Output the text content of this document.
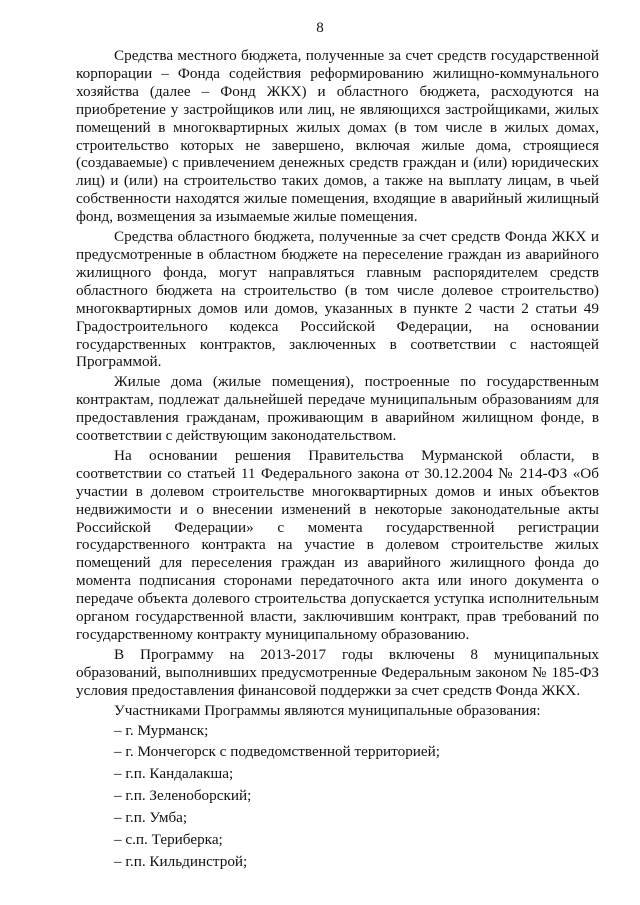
8

Средства местного бюджета, полученные за счет средств государственной корпорации – Фонда содействия реформированию жилищно-коммунального хозяйства (далее – Фонд ЖКХ) и областного бюджета, расходуются на приобретение у застройщиков или лиц, не являющихся застройщиками, жилых помещений в многоквартирных жилых домах (в том числе в жилых домах, строительство которых не завершено, включая жилые дома, строящиеся (создаваемые) с привлечением денежных средств граждан и (или) юридических лиц) и (или) на строительство таких домов, а также на выплату лицам, в чьей собственности находятся жилые помещения, входящие в аварийный жилищный фонд, возмещения за изымаемые жилые помещения.

Средства областного бюджета, полученные за счет средств Фонда ЖКХ и предусмотренные в областном бюджете на переселение граждан из аварийного жилищного фонда, могут направляться главным распорядителем средств областного бюджета на строительство (в том числе долевое строительство) многоквартирных домов или домов, указанных в пункте 2 части 2 статьи 49 Градостроительного кодекса Российской Федерации, на основании государственных контрактов, заключенных в соответствии с настоящей Программой.

Жилые дома (жилые помещения), построенные по государственным контрактам, подлежат дальнейшей передаче муниципальным образованиям для предоставления гражданам, проживающим в аварийном жилищном фонде, в соответствии с действующим законодательством.

На основании решения Правительства Мурманской области, в соответствии со статьей 11 Федерального закона от 30.12.2004 № 214-ФЗ «Об участии в долевом строительстве многоквартирных домов и иных объектов недвижимости и о внесении изменений в некоторые законодательные акты Российской Федерации» с момента государственной регистрации государственного контракта на участие в долевом строительстве жилых помещений для переселения граждан из аварийного жилищного фонда до момента подписания сторонами передаточного акта или иного документа о передаче объекта долевого строительства допускается уступка исполнительным органом государственной власти, заключившим контракт, прав требований по государственному контракту муниципальному образованию.

В Программу на 2013-2017 годы включены 8 муниципальных образований, выполнивших предусмотренные Федеральным законом № 185-ФЗ условия предоставления финансовой поддержки за счет средств Фонда ЖКХ.

Участниками Программы являются муниципальные образования:

– г. Мурманск;
– г. Мончегорск с подведомственной территорией;
– г.п. Кандалакша;
– г.п. Зеленоборский;
– г.п. Умба;
– с.п. Териберка;
– г.п. Кильдинстрой;
